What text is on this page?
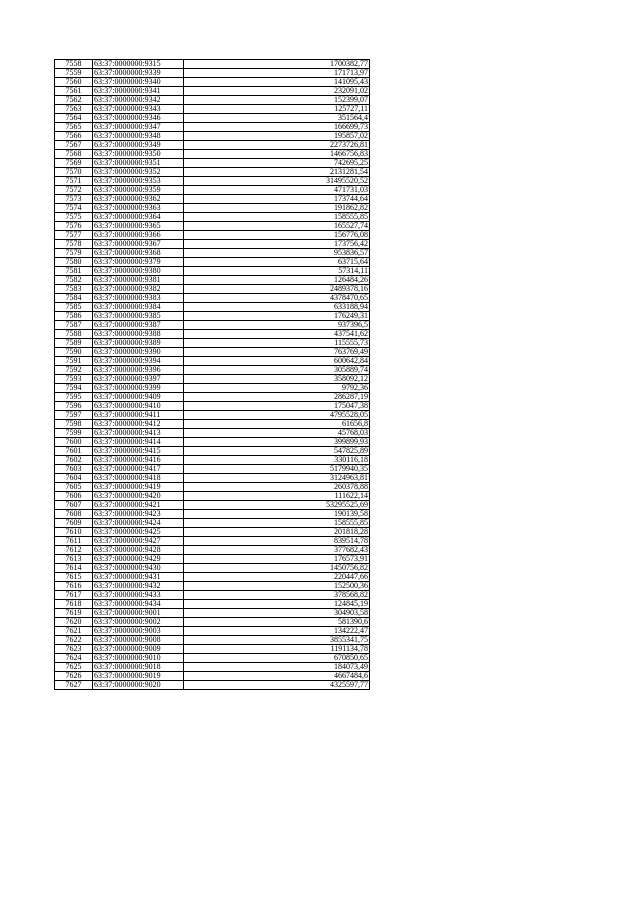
7558	63:37:0000000:9315	1700382,77
7559	63:37:0000000:9339	171713,97
7560	63:37:0000000:9340	141095,43
7561	63:37:0000000:9341	232091,02
7562	63:37:0000000:9342	152399,07
7563	63:37:0000000:9343	125727,11
7564	63:37:0000000:9346	351564,4
7565	63:37:0000000:9347	166699,73
7566	63:37:0000000:9348	195857,02
7567	63:37:0000000:9349	2273726,81
7568	63:37:0000000:9350	1466756,83
7569	63:37:0000000:9351	742695,25
7570	63:37:0000000:9352	2131281,54
7571	63:37:0000000:9353	31495520,52
7572	63:37:0000000:9359	471731,03
7573	63:37:0000000:9362	173744,64
7574	63:37:0000000:9363	191862,82
7575	63:37:0000000:9364	158555,85
7576	63:37:0000000:9365	165527,74
7577	63:37:0000000:9366	156776,08
7578	63:37:0000000:9367	173756,42
7579	63:37:0000000:9368	953836,57
7580	63:37:0000000:9379	63715,64
7581	63:37:0000000:9380	57314,11
7582	63:37:0000000:9381	126484,26
7583	63:37:0000000:9382	2489378,16
7584	63:37:0000000:9383	4378470,65
7585	63:37:0000000:9384	633188,94
7586	63:37:0000000:9385	176249,31
7587	63:37:0000000:9387	937396,5
7588	63:37:0000000:9388	437541,62
7589	63:37:0000000:9389	115555,73
7590	63:37:0000000:9390	763769,49
7591	63:37:0000000:9394	600642,84
7592	63:37:0000000:9396	305889,74
7593	63:37:0000000:9397	358092,12
7594	63:37:0000000:9399	9792,36
7595	63:37:0000000:9409	286287,19
7596	63:37:0000000:9410	175047,38
7597	63:37:0000000:9411	4795528,05
7598	63:37:0000000:9412	61656,8
7599	63:37:0000000:9413	45768,03
7600	63:37:0000000:9414	399899,93
7601	63:37:0000000:9415	547825,89
7602	63:37:0000000:9416	330116,18
7603	63:37:0000000:9417	5179940,35
7604	63:37:0000000:9418	3124963,81
7605	63:37:0000000:9419	260378,88
7606	63:37:0000000:9420	111622,14
7607	63:37:0000000:9421	53295525,69
7608	63:37:0000000:9423	190139,58
7609	63:37:0000000:9424	158555,85
7610	63:37:0000000:9425	201818,28
7611	63:37:0000000:9427	839514,78
7612	63:37:0000000:9428	377682,43
7613	63:37:0000000:9429	176573,91
7614	63:37:0000000:9430	1450756,82
7615	63:37:0000000:9431	220447,66
7616	63:37:0000000:9432	152500,36
7617	63:37:0000000:9433	378568,82
7618	63:37:0000000:9434	124845,19
7619	63:37:0000000:9001	304903,58
7620	63:37:0000000:9002	581390,6
7621	63:37:0000000:9003	134222,47
7622	63:37:0000000:9008	3855341,75
7623	63:37:0000000:9009	1191134,78
7624	63:37:0000000:9010	670850,65
7625	63:37:0000000:9018	184073,49
7626	63:37:0000000:9019	4667484,6
7627	63:37:0000000:9020	4325597,77
